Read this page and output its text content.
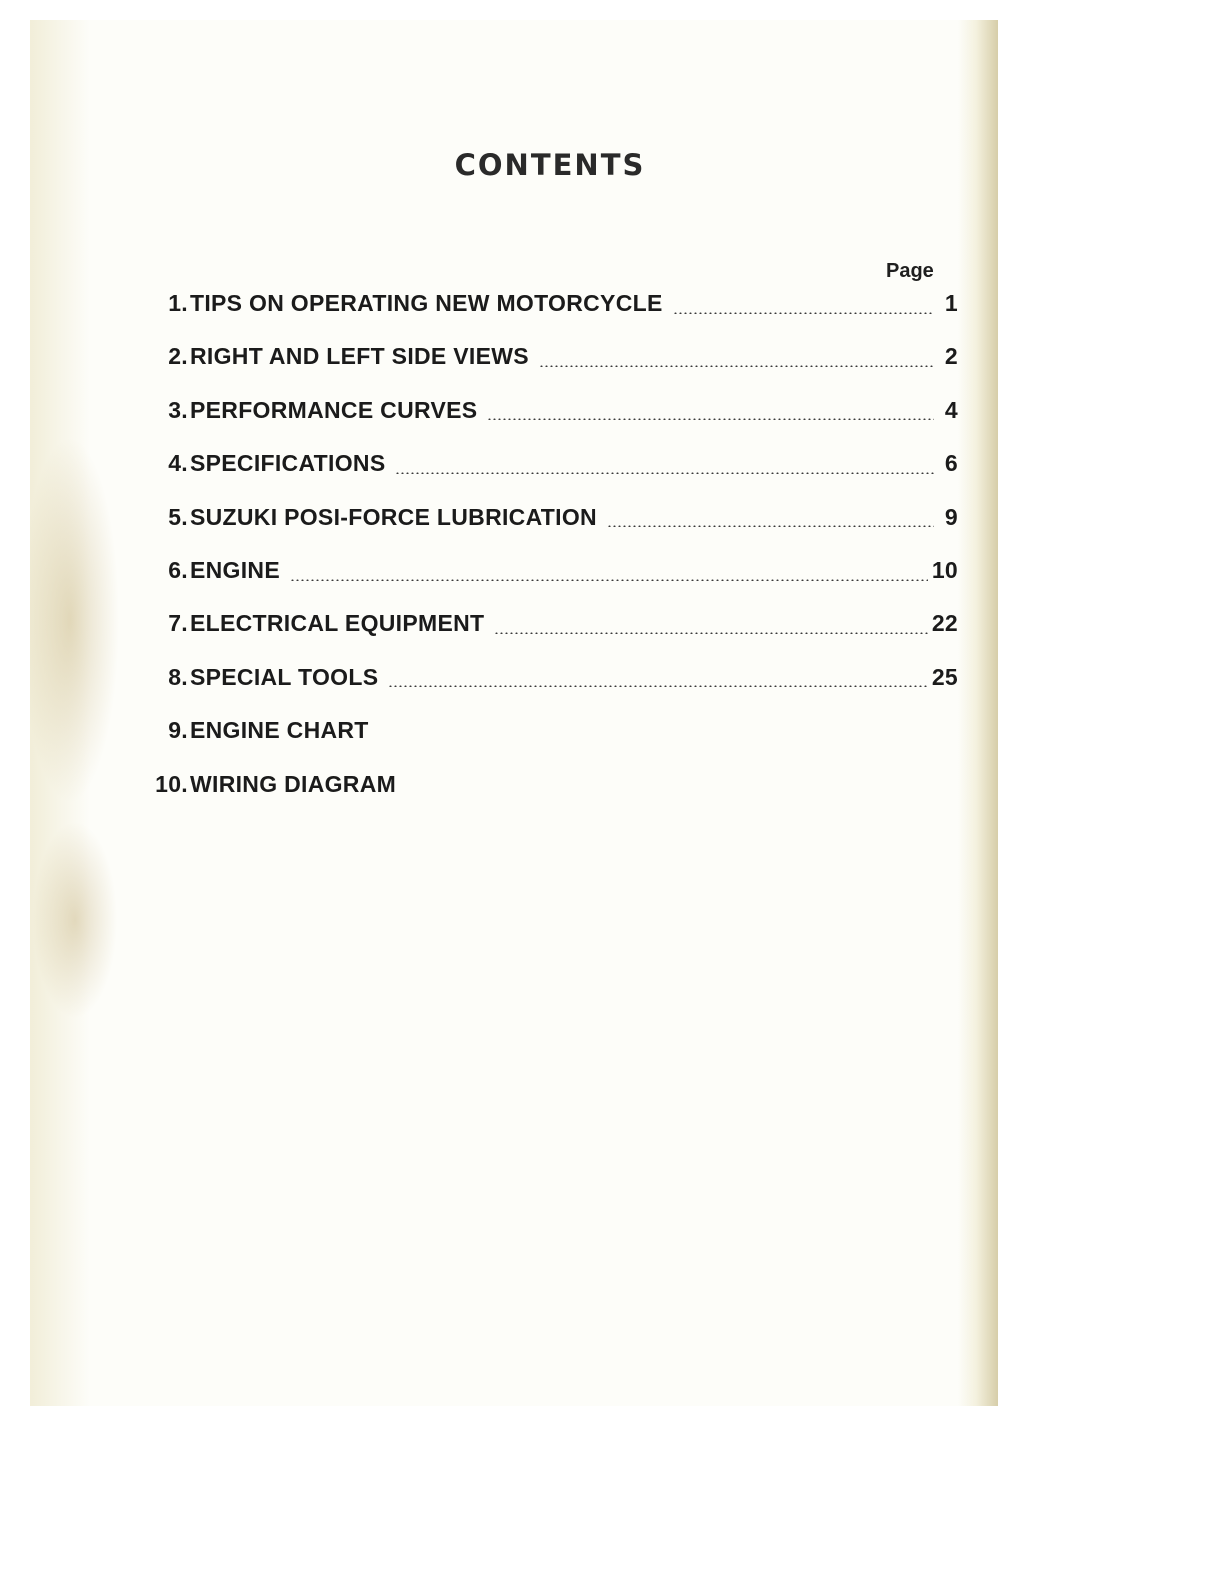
CONTENTS
Page
1. TIPS ON OPERATING NEW MOTORCYCLE	1
2. RIGHT AND LEFT SIDE VIEWS	2
3. PERFORMANCE CURVES	4
4. SPECIFICATIONS	6
5. SUZUKI POSI-FORCE LUBRICATION	9
6. ENGINE	10
7. ELECTRICAL EQUIPMENT	22
8. SPECIAL TOOLS	25
9. ENGINE CHART
10. WIRING DIAGRAM
